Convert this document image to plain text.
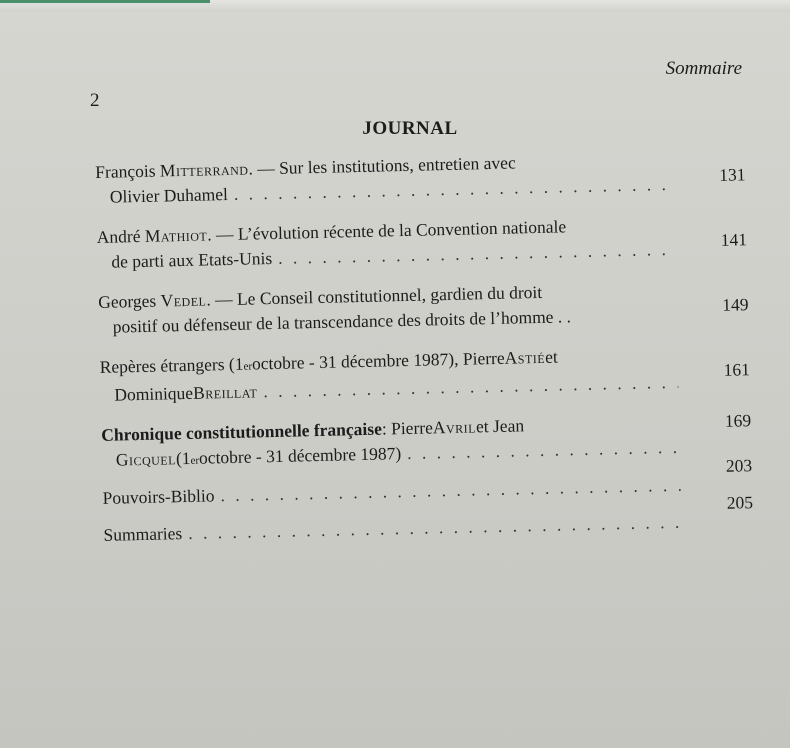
Sommaire
2
JOURNAL
François
Mitterrand . — Sur les institutions, entretien avec
Olivier Duhamel
. . .
131
André
Mathiot . — L’évolution récente de la Convention nationale
de parti aux Etats-Unis
. . .
141
Georges
Vedel . — Le Conseil constitutionnel, gardien du droit
positif ou défenseur de la transcendance des droits de l’homme . .
149
Repères étrangers (1 er octobre - 31 décembre 1987), Pierre Astié et
Dominique Breillat
. . .
161
Chronique constitutionnelle française : Pierre Avril et Jean
Gicquel (1 er octobre - 31 décembre 1987)
. . .
169
Pouvoirs-Biblio
. . .
203
Summaries
. . .
205
